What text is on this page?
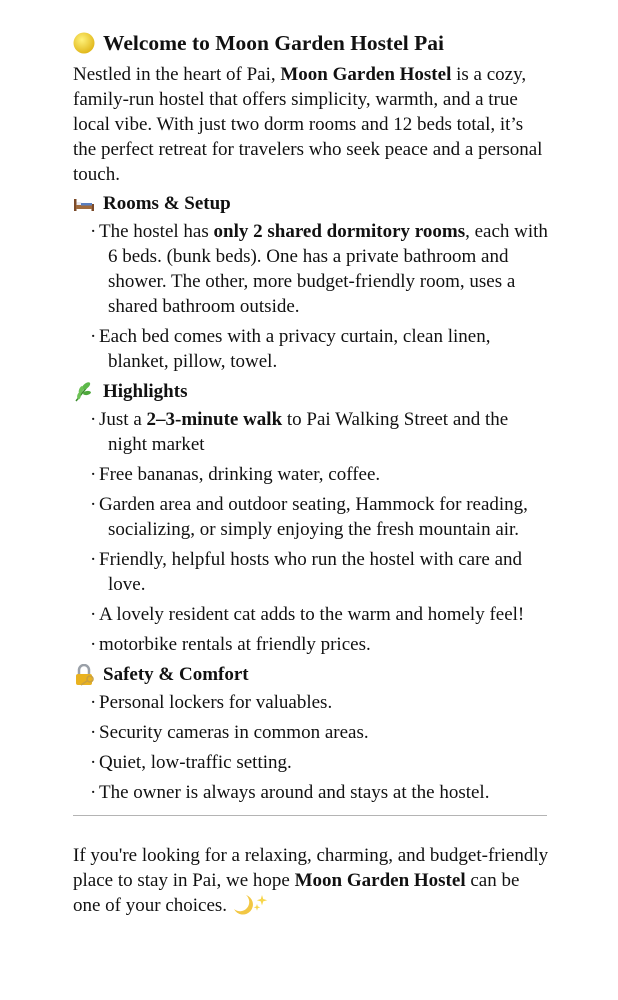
Welcome to Moon Garden Hostel Pai

Nestled in the heart of Pai, Moon Garden Hostel is a cozy, family-run hostel that offers simplicity, warmth, and a true local vibe. With just two dorm rooms and 12 beds total, it’s the perfect retreat for travelers who seek peace and a personal touch.

Rooms & Setup
· The hostel has only 2 shared dormitory rooms, each with 6 beds. (bunk beds). One has a private bathroom and shower. The other, more budget-friendly room, uses a shared bathroom outside.
· Each bed comes with a privacy curtain, clean linen, blanket, pillow, towel.
Highlights
· Just a 2–3-minute walk to Pai Walking Street and the night market
· Free bananas, drinking water, coffee.
· Garden area and outdoor seating, Hammock for reading, socializing, or simply enjoying the fresh mountain air.
· Friendly, helpful hosts who run the hostel with care and love.
· A lovely resident cat adds to the warm and homely feel!
· motorbike rentals at friendly prices.
Safety & Comfort
· Personal lockers for valuables.
· Security cameras in common areas.
· Quiet, low-traffic setting.
· The owner is always around and stays at the hostel.

If you're looking for a relaxing, charming, and budget-friendly place to stay in Pai, we hope Moon Garden Hostel can be one of your choices.
